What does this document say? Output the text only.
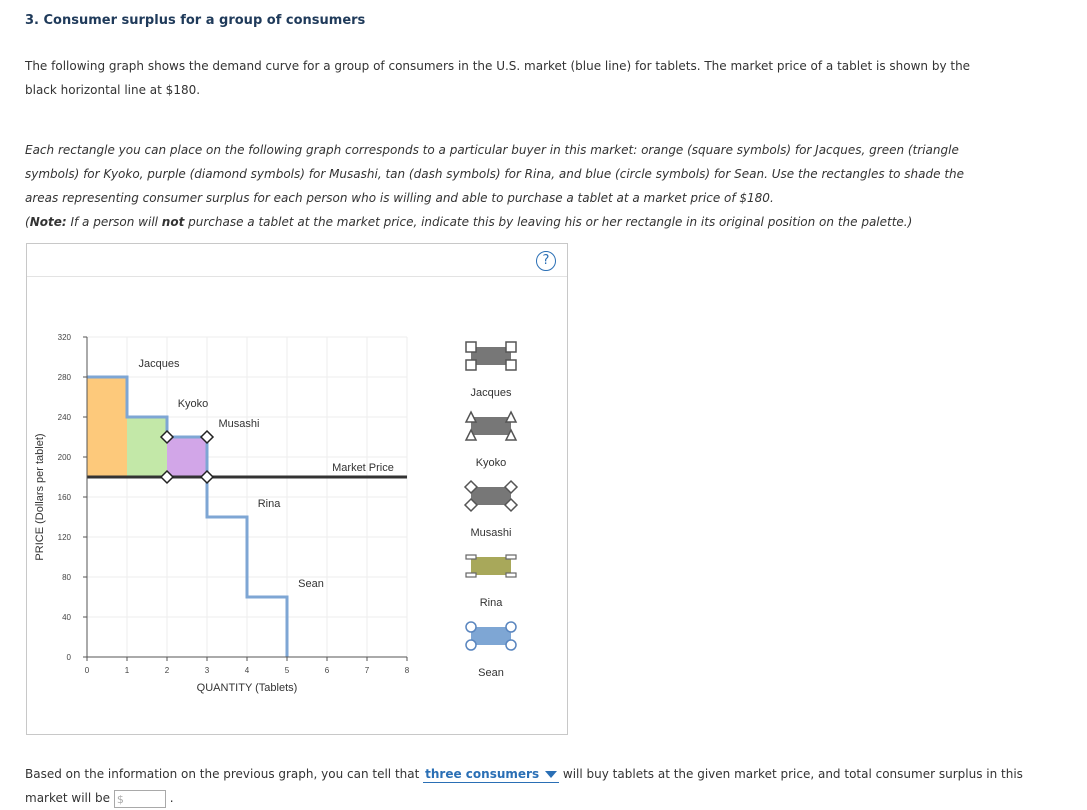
3. Consumer surplus for a group of consumers
The following graph shows the demand curve for a group of consumers in the U.S. market (blue line) for tablets. The market price of a tablet is shown by the black horizontal line at $180.
Each rectangle you can place on the following graph corresponds to a particular buyer in this market: orange (square symbols) for Jacques, green (triangle symbols) for Kyoko, purple (diamond symbols) for Musashi, tan (dash symbols) for Rina, and blue (circle symbols) for Sean. Use the rectangles to shade the areas representing consumer surplus for each person who is willing and able to purchase a tablet at a market price of $180.
(Note: If a person will not purchase a tablet at the market price, indicate this by leaving his or her rectangle in its original position on the palette.)
?
0
40
80
120
160
200
240
280
320
0	1	2	3	4	5	6	7	8
QUANTITY (Tablets)
PRICE (Dollars per tablet)
Jacques
Kyoko
Musashi
Rina
Sean
Market Price
Jacques
Kyoko
Musashi
Rina
Sean
Based on the information on the previous graph, you can tell that three consumers will buy tablets at the given market price, and total consumer surplus in this market will be $	.
